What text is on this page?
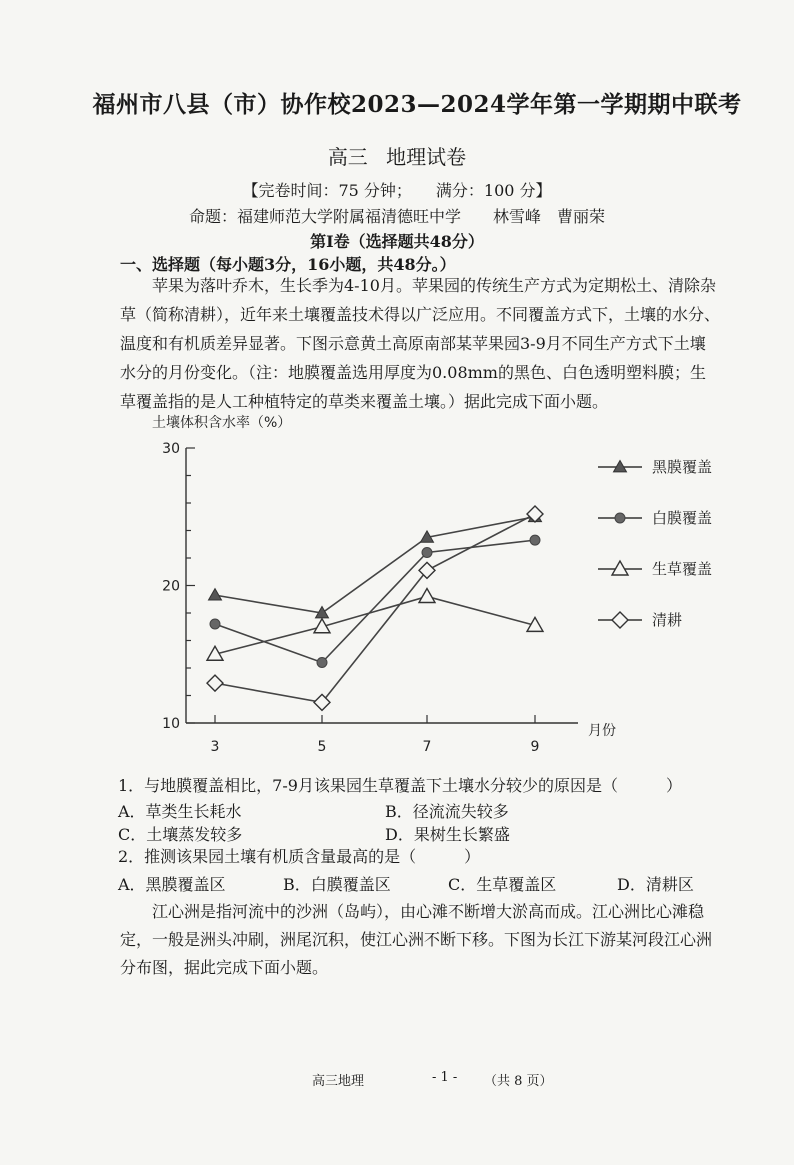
福州市八县（市）协作校2023—2024学年第一学期期中联考
高三 地理试卷
【完卷时间：75 分钟；　　满分：100 分】
命题：福建师范大学附属福清德旺中学　　林雪峰　曹丽荣
第Ⅰ卷（选择题共48分）
一、选择题（每小题3分，16小题，共48分。）
苹果为落叶乔木，生长季为4-10月。苹果园的传统生产方式为定期松土、清除杂
草（简称清耕），近年来土壤覆盖技术得以广泛应用。不同覆盖方式下，土壤的水分、
温度和有机质差异显著。下图示意黄土高原南部某苹果园3-9月不同生产方式下土壤
水分的月份变化。（注：地膜覆盖选用厚度为0.08mm的黑色、白色透明塑料膜；生
草覆盖指的是人工种植特定的草类来覆盖土壤。）据此完成下面小题。
土壤体积含水率（%）
月份
10
20
30
3	5	7	9
黑膜覆盖
白膜覆盖
生草覆盖
清耕
1．与地膜覆盖相比，7-9月该果园生草覆盖下土壤水分较少的原因是（　　　）
A．草类生长耗水	B．径流流失较多
C．土壤蒸发较多	D．果树生长繁盛
2．推测该果园土壤有机质含量最高的是（　　　）
A．黑膜覆盖区	B．白膜覆盖区	C．生草覆盖区	D．清耕区
江心洲是指河流中的沙洲（岛屿），由心滩不断增大淤高而成。江心洲比心滩稳
定，一般是洲头冲刷，洲尾沉积，使江心洲不断下移。下图为长江下游某河段江心洲
分布图，据此完成下面小题。
高三地理	- 1 - （共 8 页）
